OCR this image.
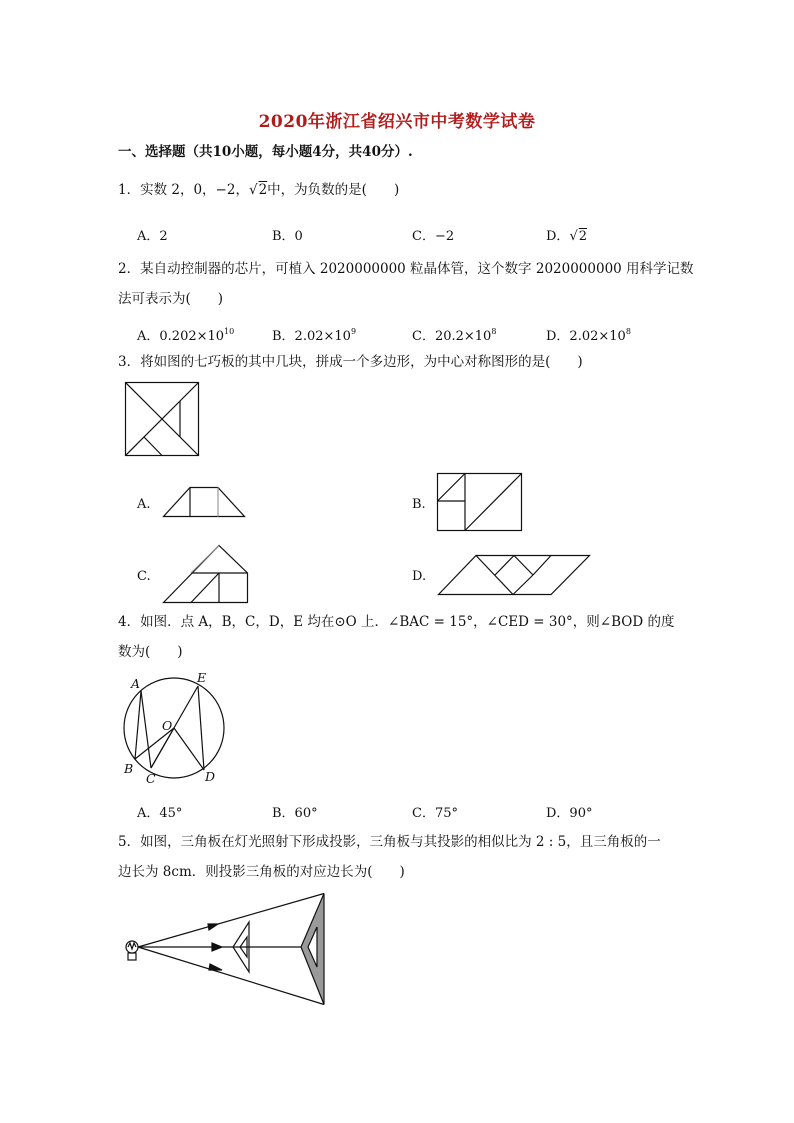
2020年浙江省绍兴市中考数学试卷
一、选择题（共10小题，每小题4分，共40分）.
1．实数 2，0，−2，√2中，为负数的是(　　)
A．2	B．0	C．−2	D．√2
2．某自动控制器的芯片，可植入 2020000000 粒晶体管，这个数字 2020000000 用科学记数
法可表示为(　　)
A．$0.202\times 10^{10}$	B．$2.02\times 10^9$	C．$20.2\times 10^8$	D．$2.02\times 10^8$
3．将如图的七巧板的其中几块，拼成一个多边形，为中心对称图形的是(　　)
A.	B.
C.	D.
4．如图．点 A，B，C，D，E 均在⊙O 上．∠BAC = 15°，∠CED = 30°，则∠BOD 的度
数为(　　)
A
B
C	D
E
O
A．45°	B．60°	C．75°	D．90°
5．如图，三角板在灯光照射下形成投影，三角板与其投影的相似比为 2 : 5，且三角板的一
边长为 8cm．则投影三角板的对应边长为(　　)
